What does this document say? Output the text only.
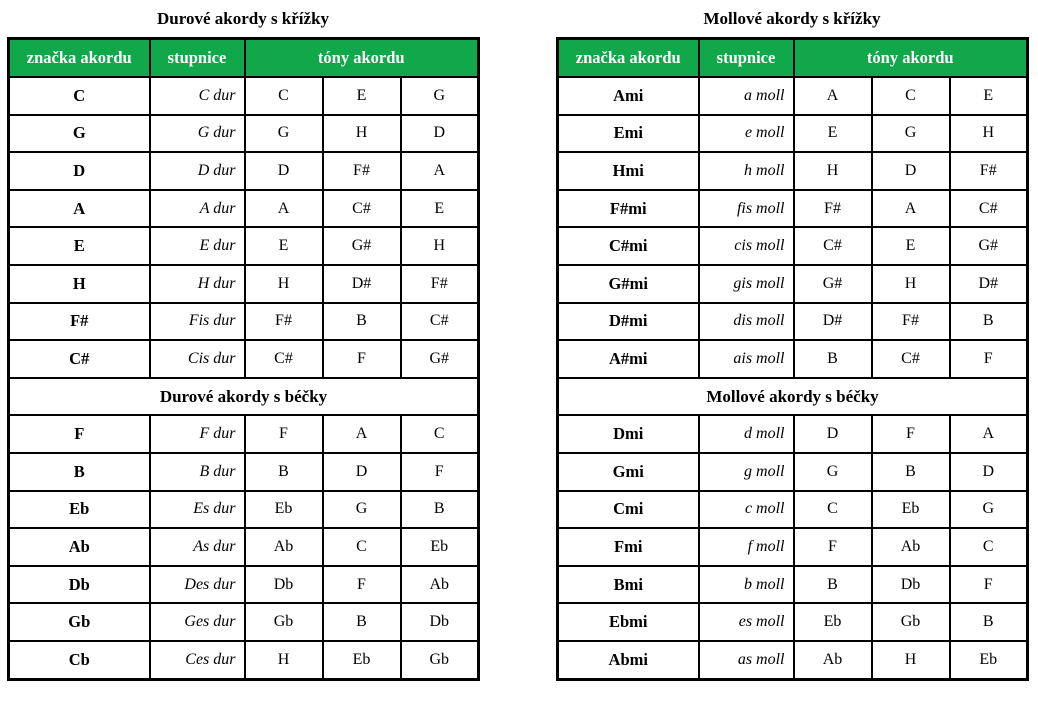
Durové akordy s křížky
značka akordu	stupnice	tóny akordu		
C	C dur	C	E	G
G	G dur	G	H	D
D	D dur	D	F#	A
A	A dur	A	C#	E
E	E dur	E	G#	H
H	H dur	H	D#	F#
F#	Fis dur	F#	B	C#
C#	Cis dur	C#	F	G#
Durové akordy s béčky				
F	F dur	F	A	C
B	B dur	B	D	F
Eb	Es dur	Eb	G	B
Ab	As dur	Ab	C	Eb
Db	Des dur	Db	F	Ab
Gb	Ges dur	Gb	B	Db
Cb	Ces dur	H	Eb	Gb
Mollové akordy s křížky
značka akordu	stupnice	tóny akordu		
Ami	a moll	A	C	E
Emi	e moll	E	G	H
Hmi	h moll	H	D	F#
F#mi	fis moll	F#	A	C#
C#mi	cis moll	C#	E	G#
G#mi	gis moll	G#	H	D#
D#mi	dis moll	D#	F#	B
A#mi	ais moll	B	C#	F
Mollové akordy s béčky				
Dmi	d moll	D	F	A
Gmi	g moll	G	B	D
Cmi	c moll	C	Eb	G
Fmi	f moll	F	Ab	C
Bmi	b moll	B	Db	F
Ebmi	es moll	Eb	Gb	B
Abmi	as moll	Ab	H	Eb
